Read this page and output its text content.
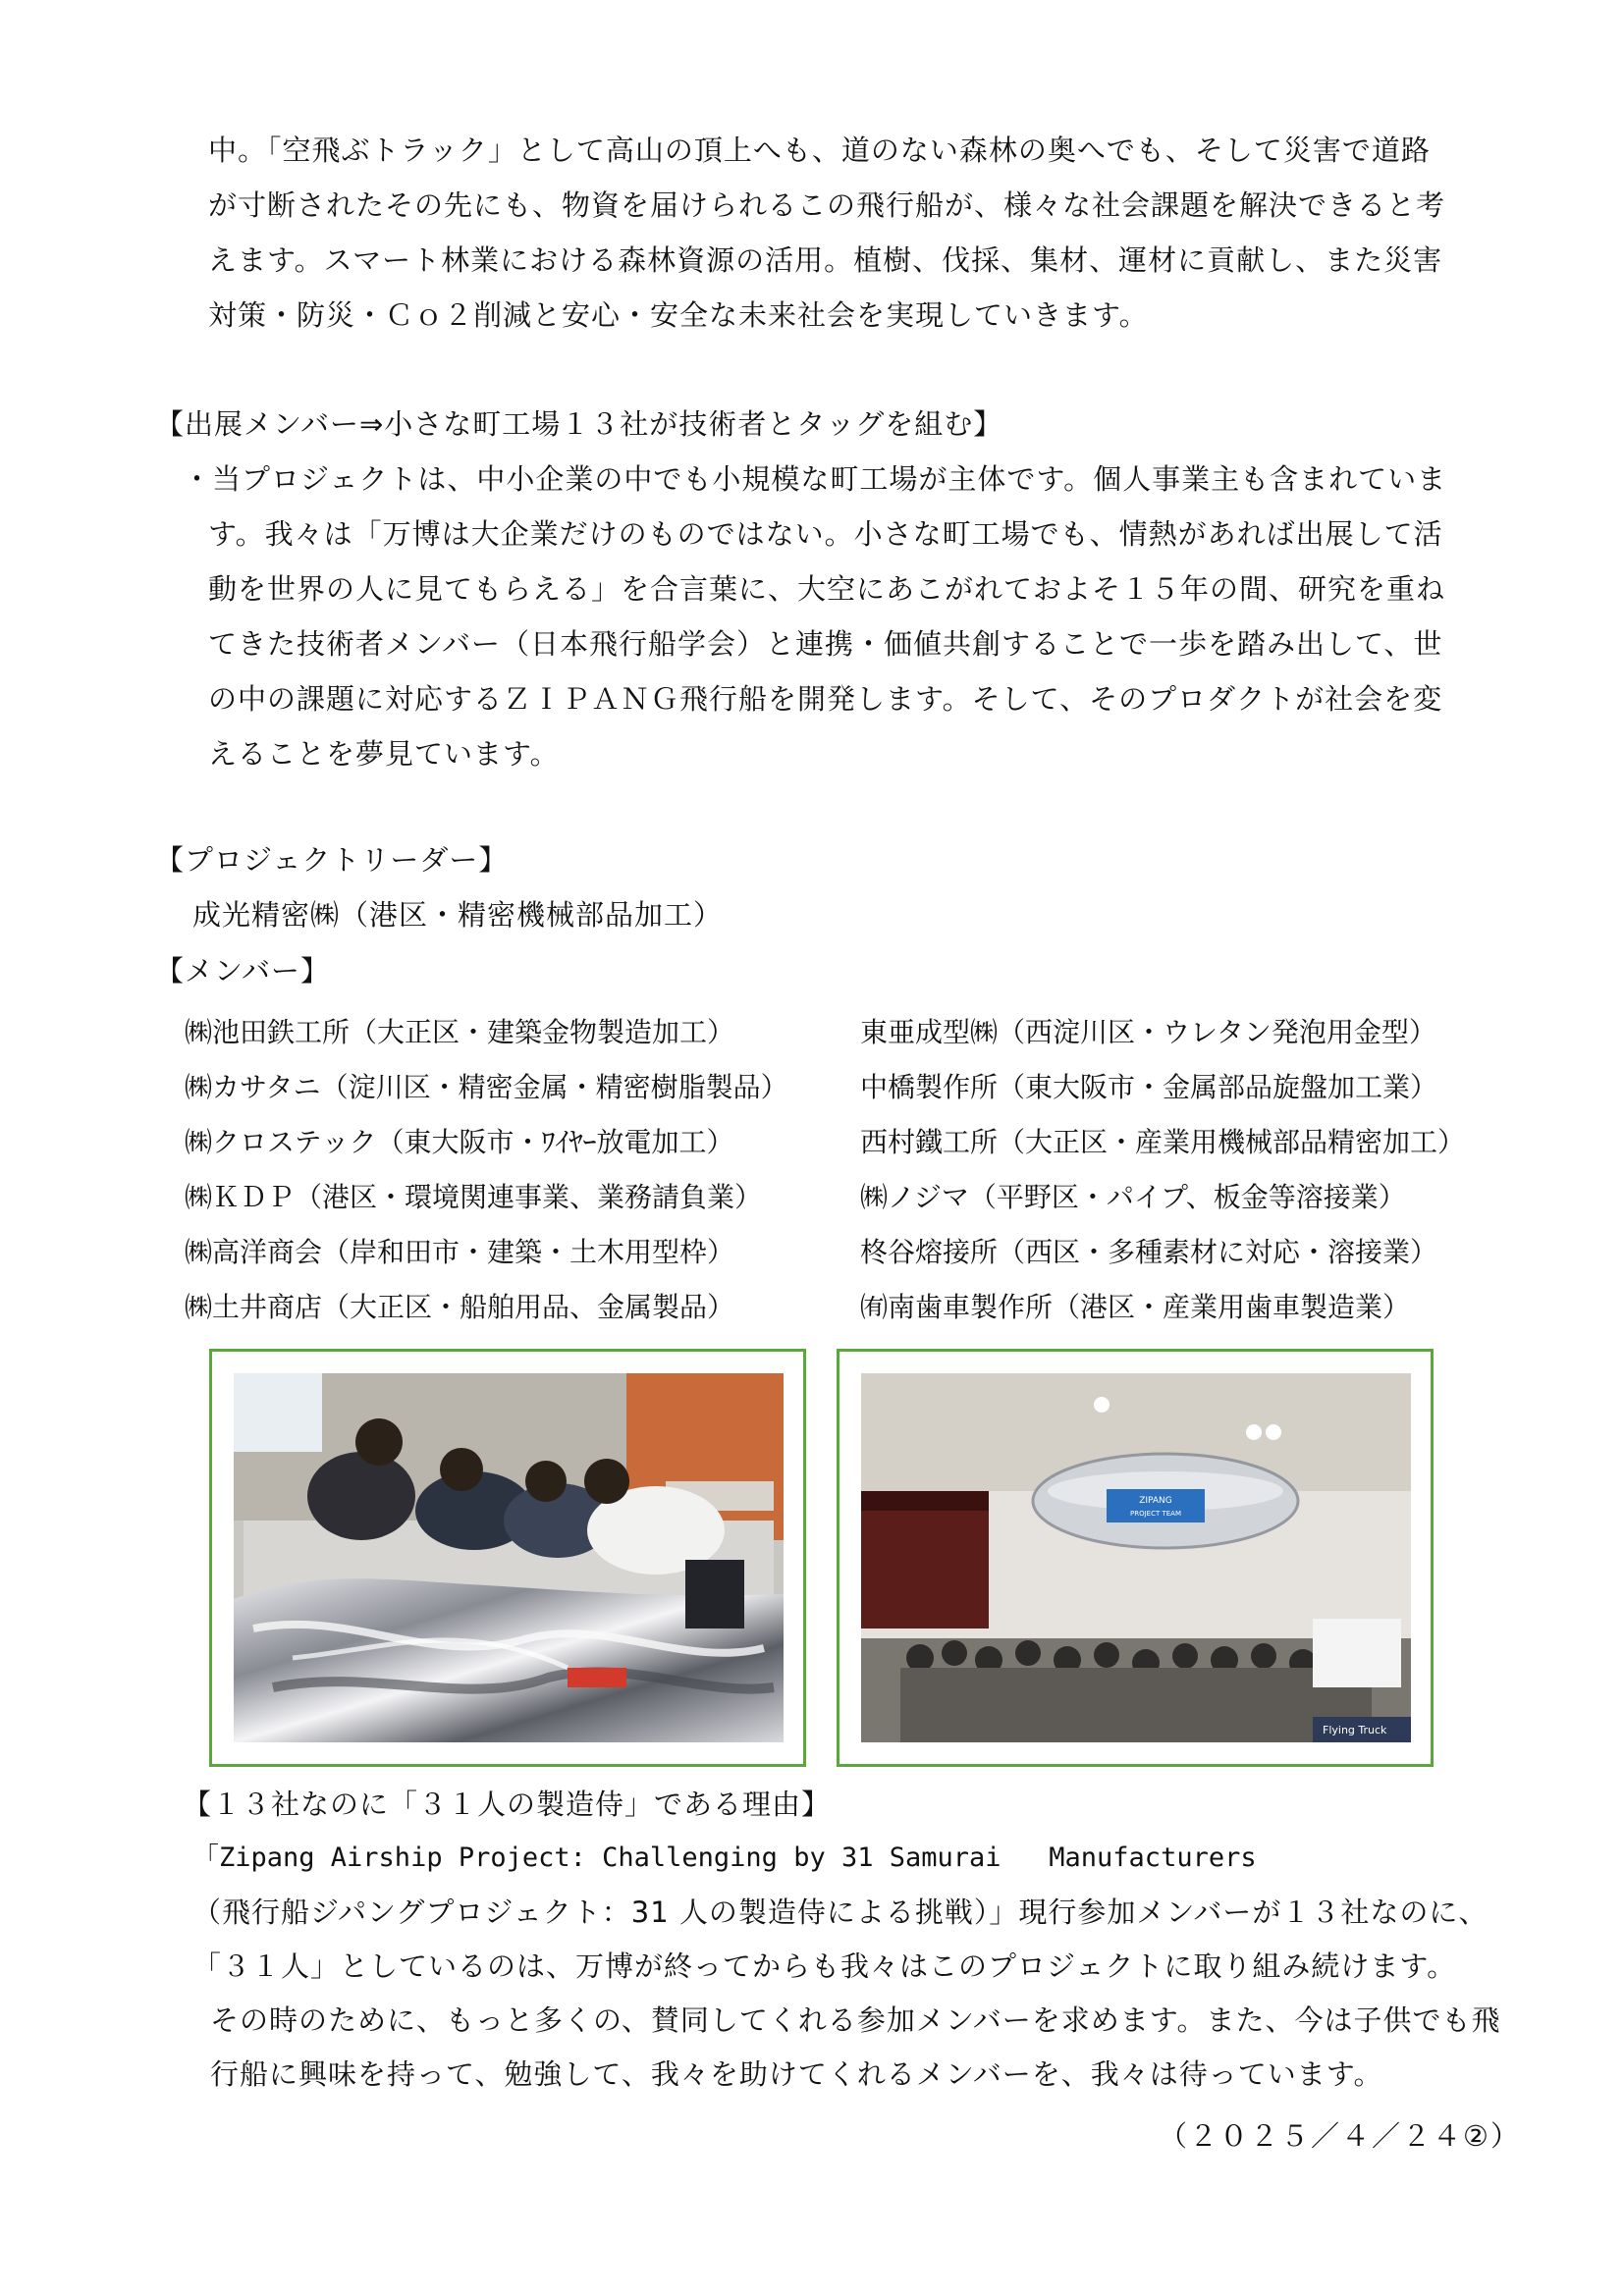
中。「空飛ぶトラック」として高山の頂上へも、道のない森林の奥へでも、そして災害で道路
が寸断されたその先にも、物資を届けられるこの飛行船が、様々な社会課題を解決できると考
えます。スマート林業における森林資源の活用。植樹、伐採、集材、運材に貢献し、また災害
対策・防災・Ｃｏ２削減と安心・安全な未来社会を実現していきます。
【出展メンバー⇒小さな町工場１３社が技術者とタッグを組む】
・当プロジェクトは、中小企業の中でも小規模な町工場が主体です。個人事業主も含まれていま
す。我々は「万博は大企業だけのものではない。小さな町工場でも、情熱があれば出展して活
動を世界の人に見てもらえる」を合言葉に、大空にあこがれておよそ１５年の間、研究を重ね
てきた技術者メンバー（日本飛行船学会）と連携・価値共創することで一歩を踏み出して、世
の中の課題に対応するＺＩＰＡＮＧ飛行船を開発します。そして、そのプロダクトが社会を変
えることを夢見ています。
【プロジェクトリーダー】
成光精密㈱（港区・精密機械部品加工）
【メンバー】
㈱池田鉄工所（大正区・建築金物製造加工）
㈱カサタニ（淀川区・精密金属・精密樹脂製品）
㈱クロステック（東大阪市・ﾜｲﾔｰ放電加工）
㈱ＫＤＰ（港区・環境関連事業、業務請負業）
㈱高洋商会（岸和田市・建築・土木用型枠）
㈱土井商店（大正区・船舶用品、金属製品）
東亜成型㈱（西淀川区・ウレタン発泡用金型）
中橋製作所（東大阪市・金属部品旋盤加工業）
西村鐵工所（大正区・産業用機械部品精密加工）
㈱ノジマ（平野区・パイプ、板金等溶接業）
柊谷熔接所（西区・多種素材に対応・溶接業）
㈲南歯車製作所（港区・産業用歯車製造業）
ZIPANG
PROJECT TEAM
Flying Truck
【１３社なのに「３１人の製造侍」である理由】
「Zipang Airship Project: Challenging by 31 Samurai   Manufacturers
（飛行船ジパングプロジェクト：31 人の製造侍による挑戦）」現行参加メンバーが１３社なのに、
「３１人」としているのは、万博が終ってからも我々はこのプロジェクトに取り組み続けます。
その時のために、もっと多くの、賛同してくれる参加メンバーを求めます。また、今は子供でも飛
行船に興味を持って、勉強して、我々を助けてくれるメンバーを、我々は待っています。
（２０２５／４／２４②）
